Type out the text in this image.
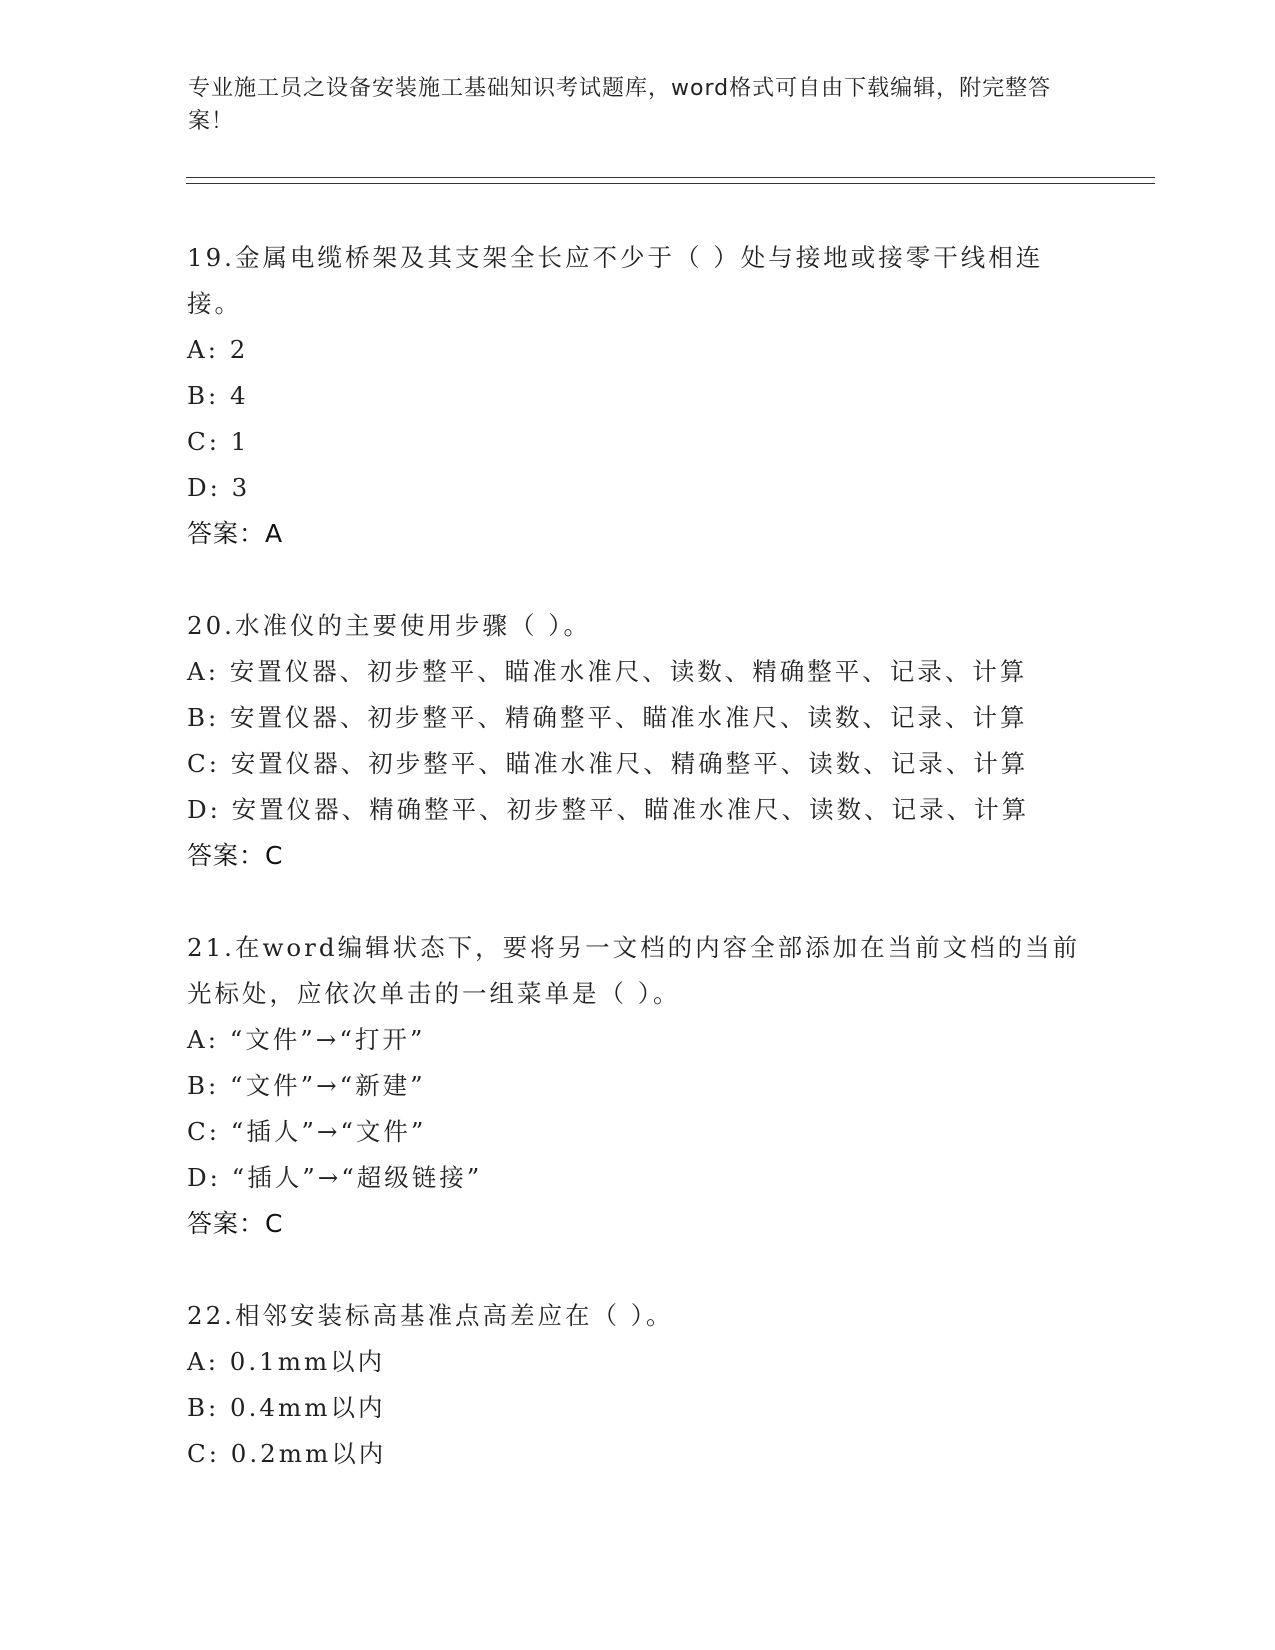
专业施工员之设备安装施工基础知识考试题库，word格式可自由下载编辑，附完整答案！
19.金属电缆桥架及其支架全长应不少于（ ）处与接地或接零干线相连接。
A: 2
B: 4
C: 1
D: 3
答案：A
20.水准仪的主要使用步骤（ ）。
A: 安置仪器、初步整平、瞄准水准尺、读数、精确整平、记录、计算
B: 安置仪器、初步整平、精确整平、瞄准水准尺、读数、记录、计算
C: 安置仪器、初步整平、瞄准水准尺、精确整平、读数、记录、计算
D: 安置仪器、精确整平、初步整平、瞄准水准尺、读数、记录、计算
答案：C
21.在word编辑状态下，要将另一文档的内容全部添加在当前文档的当前光标处，应依次单击的一组菜单是（ ）。
A: “文件”→“打开”
B: “文件”→“新建”
C: “插人”→“文件”
D: “插人”→“超级链接”
答案：C
22.相邻安装标高基准点高差应在（ ）。
A: 0.1mm以内
B: 0.4mm以内
C: 0.2mm以内
